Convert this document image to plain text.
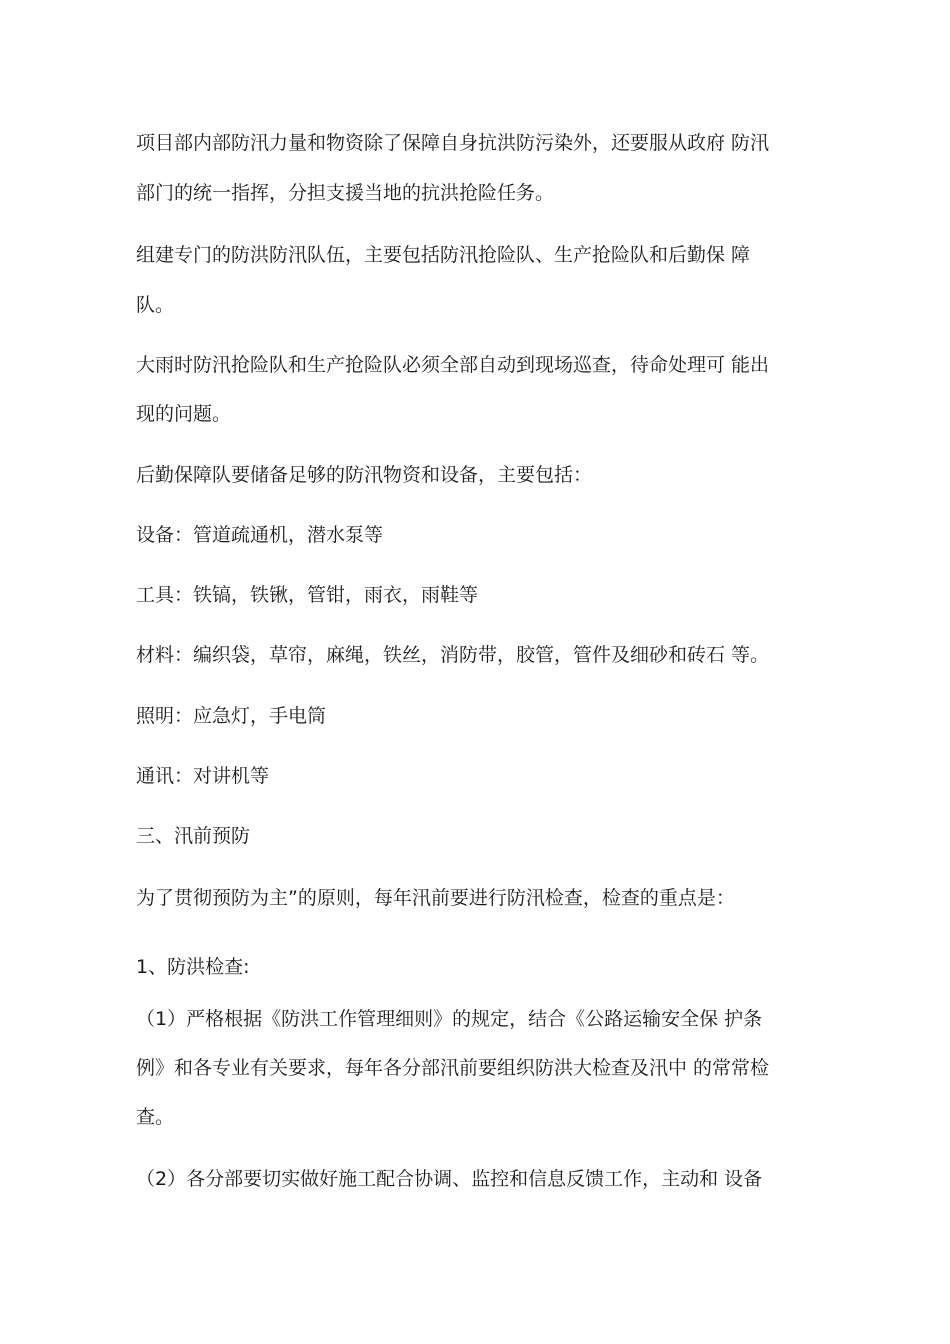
项目部内部防汛力量和物资除了保障自身抗洪防污染外，还要服从政府 防汛
部门的统一指挥，分担支援当地的抗洪抢险任务。
组建专门的防洪防汛队伍，主要包括防汛抢险队、生产抢险队和后勤保 障
队。
大雨时防汛抢险队和生产抢险队必须全部自动到现场巡查，待命处理可 能出
现的问题。
后勤保障队要储备足够的防汛物资和设备，主要包括：
设备：管道疏通机，潜水泵等
工具：铁镐，铁锹，管钳，雨衣，雨鞋等
材料：编织袋，草帘，麻绳，铁丝，消防带，胶管，管件及细砂和砖石 等。
照明：应急灯，手电筒
通讯：对讲机等
三、汛前预防
为了贯彻预防为主”的原则，每年汛前要进行防汛检查，检查的重点是：
1、防洪检查:
（1）严格根据《防洪工作管理细则》的规定，结合《公路运输安全保 护条
例》和各专业有关要求，每年各分部汛前要组织防洪大检查及汛中 的常常检
查。
（2）各分部要切实做好施工配合协调、监控和信息反馈工作，主动和 设备
